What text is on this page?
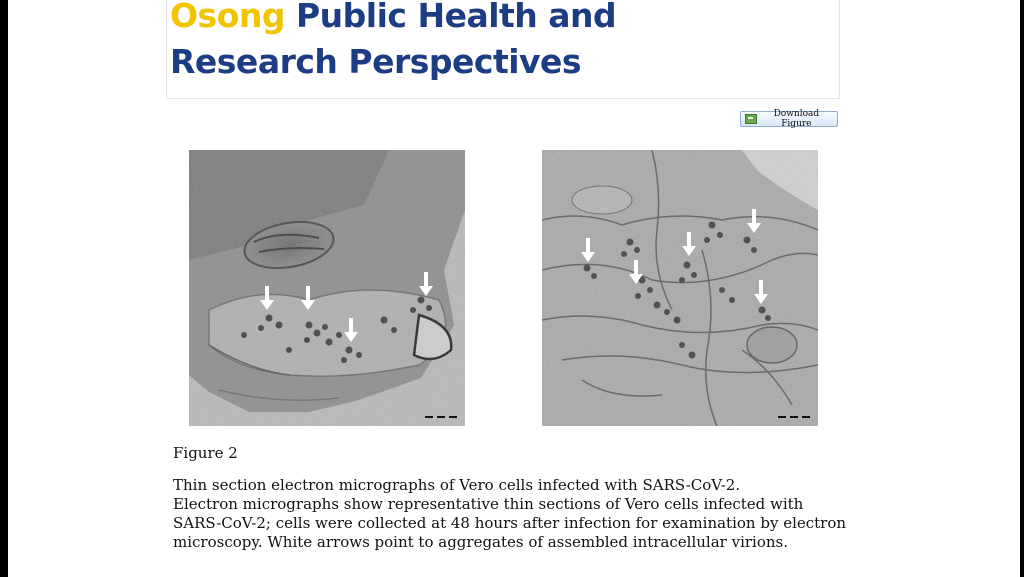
Osong Public Health and
Research Perspectives
Download Figure
Figure 2

Thin section electron micrographs of Vero cells infected with SARS-CoV-2.

Electron micrographs show representative thin sections of Vero cells infected with SARS-CoV-2; cells were collected at 48 hours after infection for examination by electron microscopy. White arrows point to aggregates of assembled intracellular virions.
